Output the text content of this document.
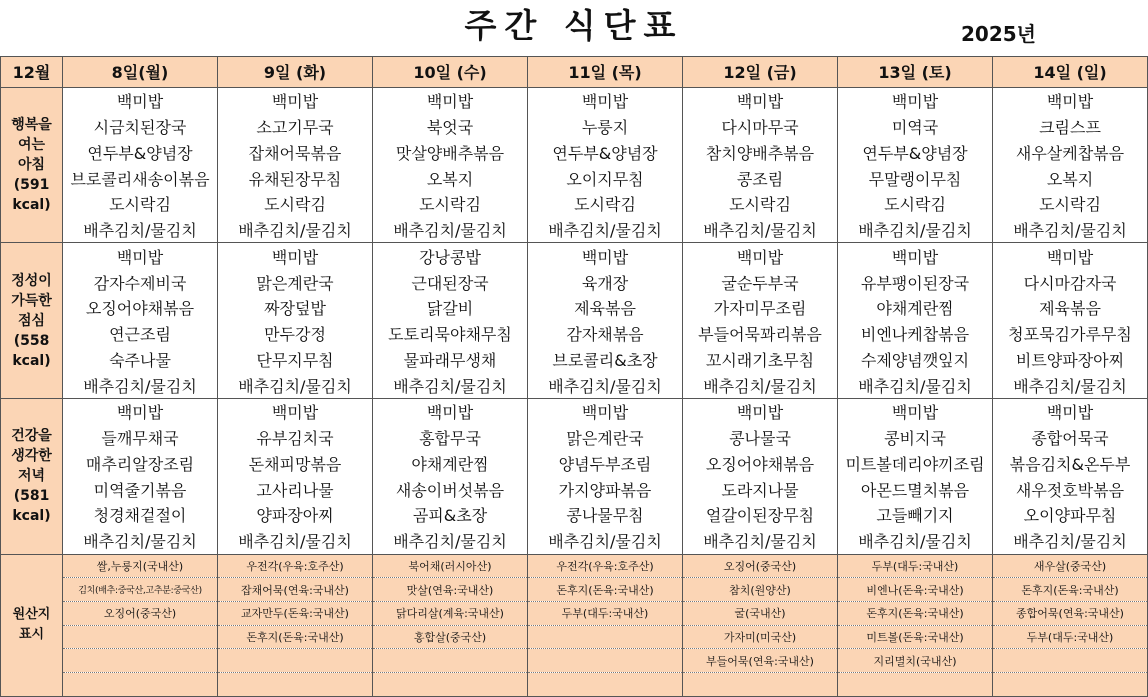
주간 식단표	2025년
12월	8일(월)	9일 (화)	10일 (수)	11일 (목)	12일 (금)	13일 (토)	14일 (일)

행복을
여는
아침
(591
kcal)	백미밥	백미밥	백미밥	백미밥	백미밥	백미밥	백미밥
	시금치된장국	소고기무국	북엇국	누룽지	다시마무국	미역국	크림스프
	연두부&양념장	잡채어묵볶음	맛살양배추볶음	연두부&양념장	참치양배추볶음	연두부&양념장	새우살케찹볶음
	브로콜리새송이볶음	유채된장무침	오복지	오이지무침	콩조림	무말랭이무침	오복지
	도시락김	도시락김	도시락김	도시락김	도시락김	도시락김	도시락김
	배추김치/물김치	배추김치/물김치	배추김치/물김치	배추김치/물김치	배추김치/물김치	배추김치/물김치	배추김치/물김치

정성이
가득한
점심
(558
kcal)	백미밥	백미밥	강낭콩밥	백미밥	백미밥	백미밥	백미밥
	감자수제비국	맑은계란국	근대된장국	육개장	굴순두부국	유부팽이된장국	다시마감자국
	오징어야채볶음	짜장덮밥	닭갈비	제육볶음	가자미무조림	야채계란찜	제육볶음
	연근조림	만두강정	도토리묵야채무침	감자채볶음	부들어묵꽈리볶음	비엔나케찹볶음	청포묵김가루무침
	숙주나물	단무지무침	물파래무생채	브로콜리&초장	꼬시래기초무침	수제양념깻잎지	비트양파장아찌
	배추김치/물김치	배추김치/물김치	배추김치/물김치	배추김치/물김치	배추김치/물김치	배추김치/물김치	배추김치/물김치

건강을
생각한
저녁
(581
kcal)	백미밥	백미밥	백미밥	백미밥	백미밥	백미밥	백미밥
	들깨무채국	유부김치국	홍합무국	맑은계란국	콩나물국	콩비지국	종합어묵국
	매추리알장조림	돈채피망볶음	야채계란찜	양념두부조림	오징어야채볶음	미트볼데리야끼조림	볶음김치&온두부
	미역줄기볶음	고사리나물	새송이버섯볶음	가지양파볶음	도라지나물	아몬드멸치볶음	새우젓호박볶음
	청경채겉절이	양파장아찌	곰피&초장	콩나물무침	얼갈이된장무침	고들빼기지	오이양파무침
	배추김치/물김치	배추김치/물김치	배추김치/물김치	배추김치/물김치	배추김치/물김치	배추김치/물김치	배추김치/물김치

원산지
표시	쌀,누룽지(국내산)	우전각(우육:호주산)	북어채(러시아산)	우전각(우육:호주산)	오징어(중국산)	두부(대두:국내산)	새우살(중국산)
	김치(배추:중국산,고추분:중국산)	잡채어묵(연육:국내산)	맛살(연육:국내산)	돈후지(돈육:국내산)	참치(원양산)	비엔나(돈육:국내산)	돈후지(돈육:국내산)
	오징어(중국산)	교자만두(돈육:국내산)	닭다리살(계육:국내산)	두부(대두:국내산)	굴(국내산)	돈후지(돈육:국내산)	종합어묵(연육:국내산)
		돈후지(돈육:국내산)	홍합살(중국산)		가자미(미국산)	미트볼(돈육:국내산)	두부(대두:국내산)
					부들어묵(연육:국내산)	지리멸치(국내산)	
